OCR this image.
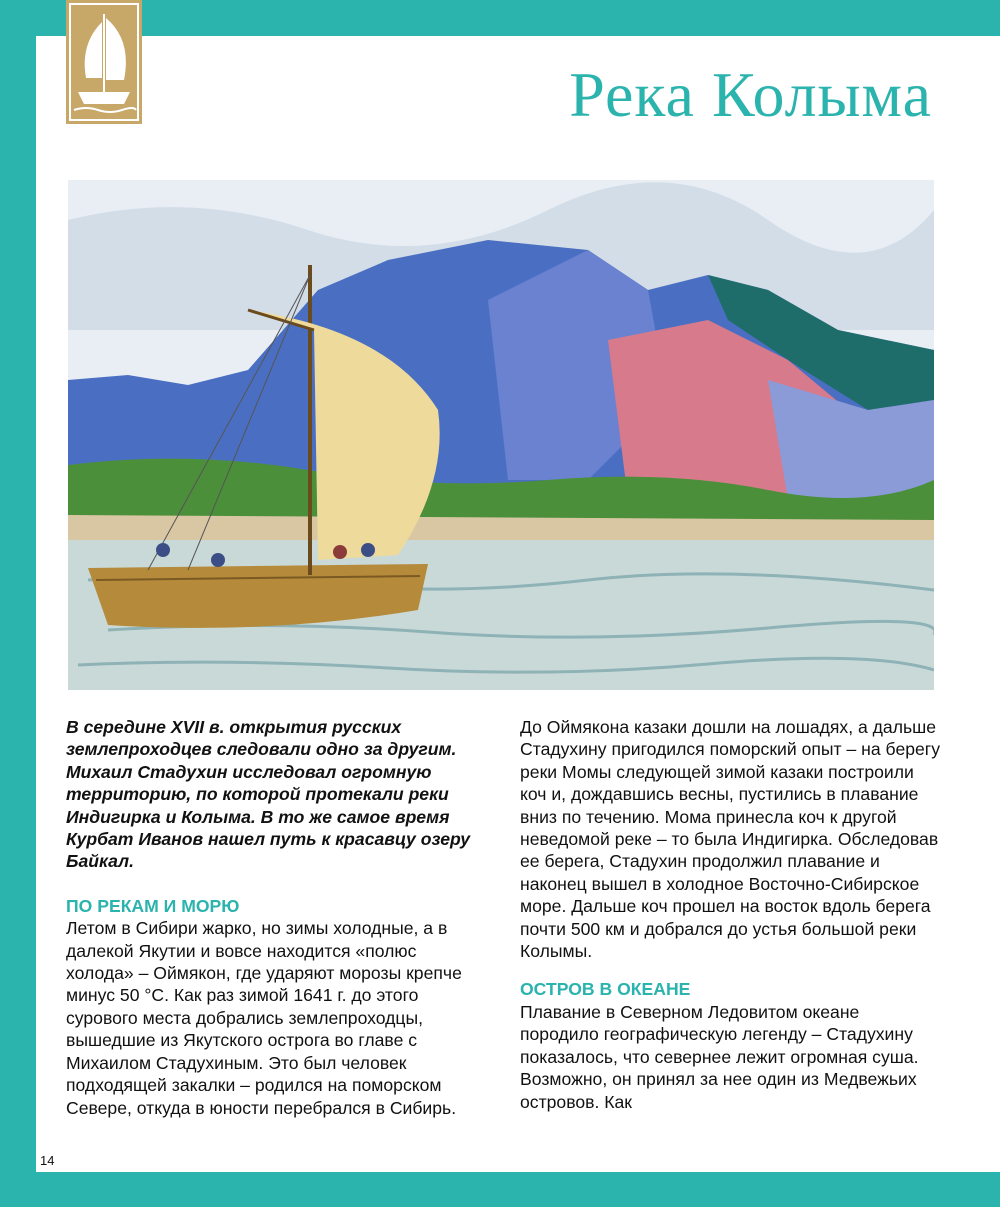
Река Колыма

В середине XVII в. открытия русских землепроходцев следовали одно за другим. Михаил Стадухин исследовал огромную территорию, по которой протекали реки Индигирка и Колыма. В то же самое время Курбат Иванов нашел путь к красавцу озеру Байкал.

ПО РЕКАМ И МОРЮ

Летом в Сибири жарко, но зимы холодные, а в далекой Якутии и вовсе находится «полюс холода» – Оймякон, где ударяют морозы крепче минус 50 °С. Как раз зимой 1641 г. до этого сурового места добрались землепроходцы, вышедшие из Якутского острога во главе с Михаилом Стадухиным. Это был человек подходящей закалки – родился на поморском Севере, откуда в юности перебрался в Сибирь.

До Оймякона казаки дошли на лошадях, а дальше Стадухину пригодился поморский опыт – на берегу реки Момы следующей зимой казаки построили коч и, дождавшись весны, пустились в плавание вниз по течению. Мома принесла коч к другой неведомой реке – то была Индигирка. Обследовав ее берега, Стадухин продолжил плавание и наконец вышел в холодное Восточно-Сибирское море. Дальше коч прошел на восток вдоль берега почти 500 км и добрался до устья большой реки Колымы.

ОСТРОВ В ОКЕАНЕ

Плавание в Северном Ледовитом океане породило географическую легенду – Стадухину показалось, что севернее лежит огромная суша. Возможно, он принял за нее один из Медвежьих островов. Как

14
